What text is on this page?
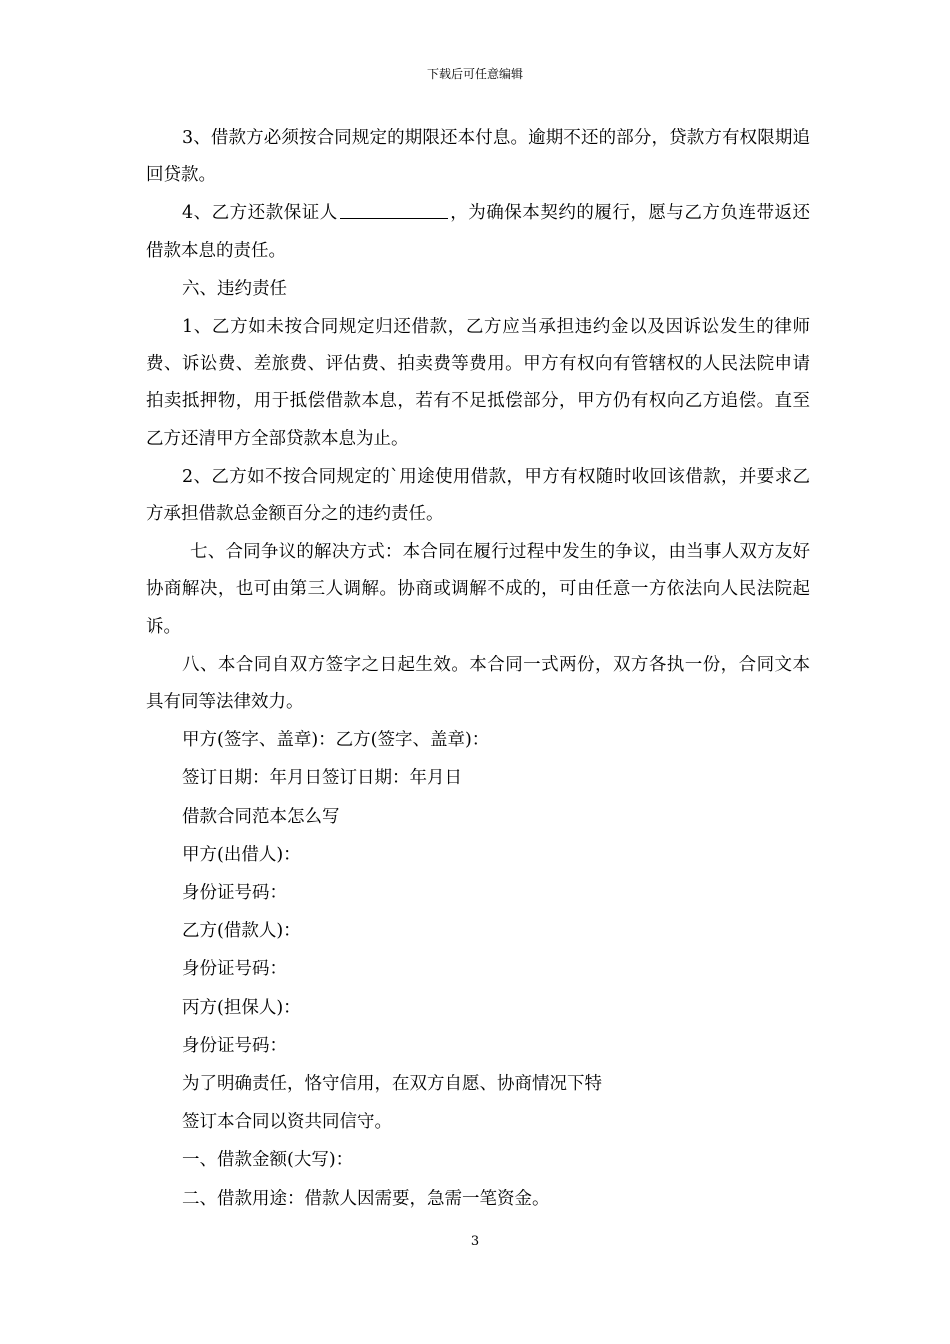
下载后可任意编辑

3、借款方必须按合同规定的期限还本付息。逾期不还的部分，贷款方有权限期追回贷款。

4、乙方还款保证人	，为确保本契约的履行，愿与乙方负连带返还借款本息的责任。

六、违约责任

1、乙方如未按合同规定归还借款，乙方应当承担违约金以及因诉讼发生的律师费、诉讼费、差旅费、评估费、拍卖费等费用。甲方有权向有管辖权的人民法院申请拍卖抵押物，用于抵偿借款本息，若有不足抵偿部分，甲方仍有权向乙方追偿。直至乙方还清甲方全部贷款本息为止。

2、乙方如不按合同规定的`用途使用借款，甲方有权随时收回该借款，并要求乙方承担借款总金额百分之的违约责任。

七、合同争议的解决方式：本合同在履行过程中发生的争议，由当事人双方友好协商解决，也可由第三人调解。协商或调解不成的，可由任意一方依法向人民法院起诉。

八、本合同自双方签字之日起生效。本合同一式两份，双方各执一份，合同文本具有同等法律效力。

甲方(签字、盖章)：乙方(签字、盖章)：

签订日期：年月日签订日期：年月日

借款合同范本怎么写

甲方(出借人)：

身份证号码：

乙方(借款人)：

身份证号码：

丙方(担保人)：

身份证号码：

为了明确责任，恪守信用，在双方自愿、协商情况下特

签订本合同以资共同信守。

一、借款金额(大写)：

二、借款用途：借款人因需要，急需一笔资金。

3
